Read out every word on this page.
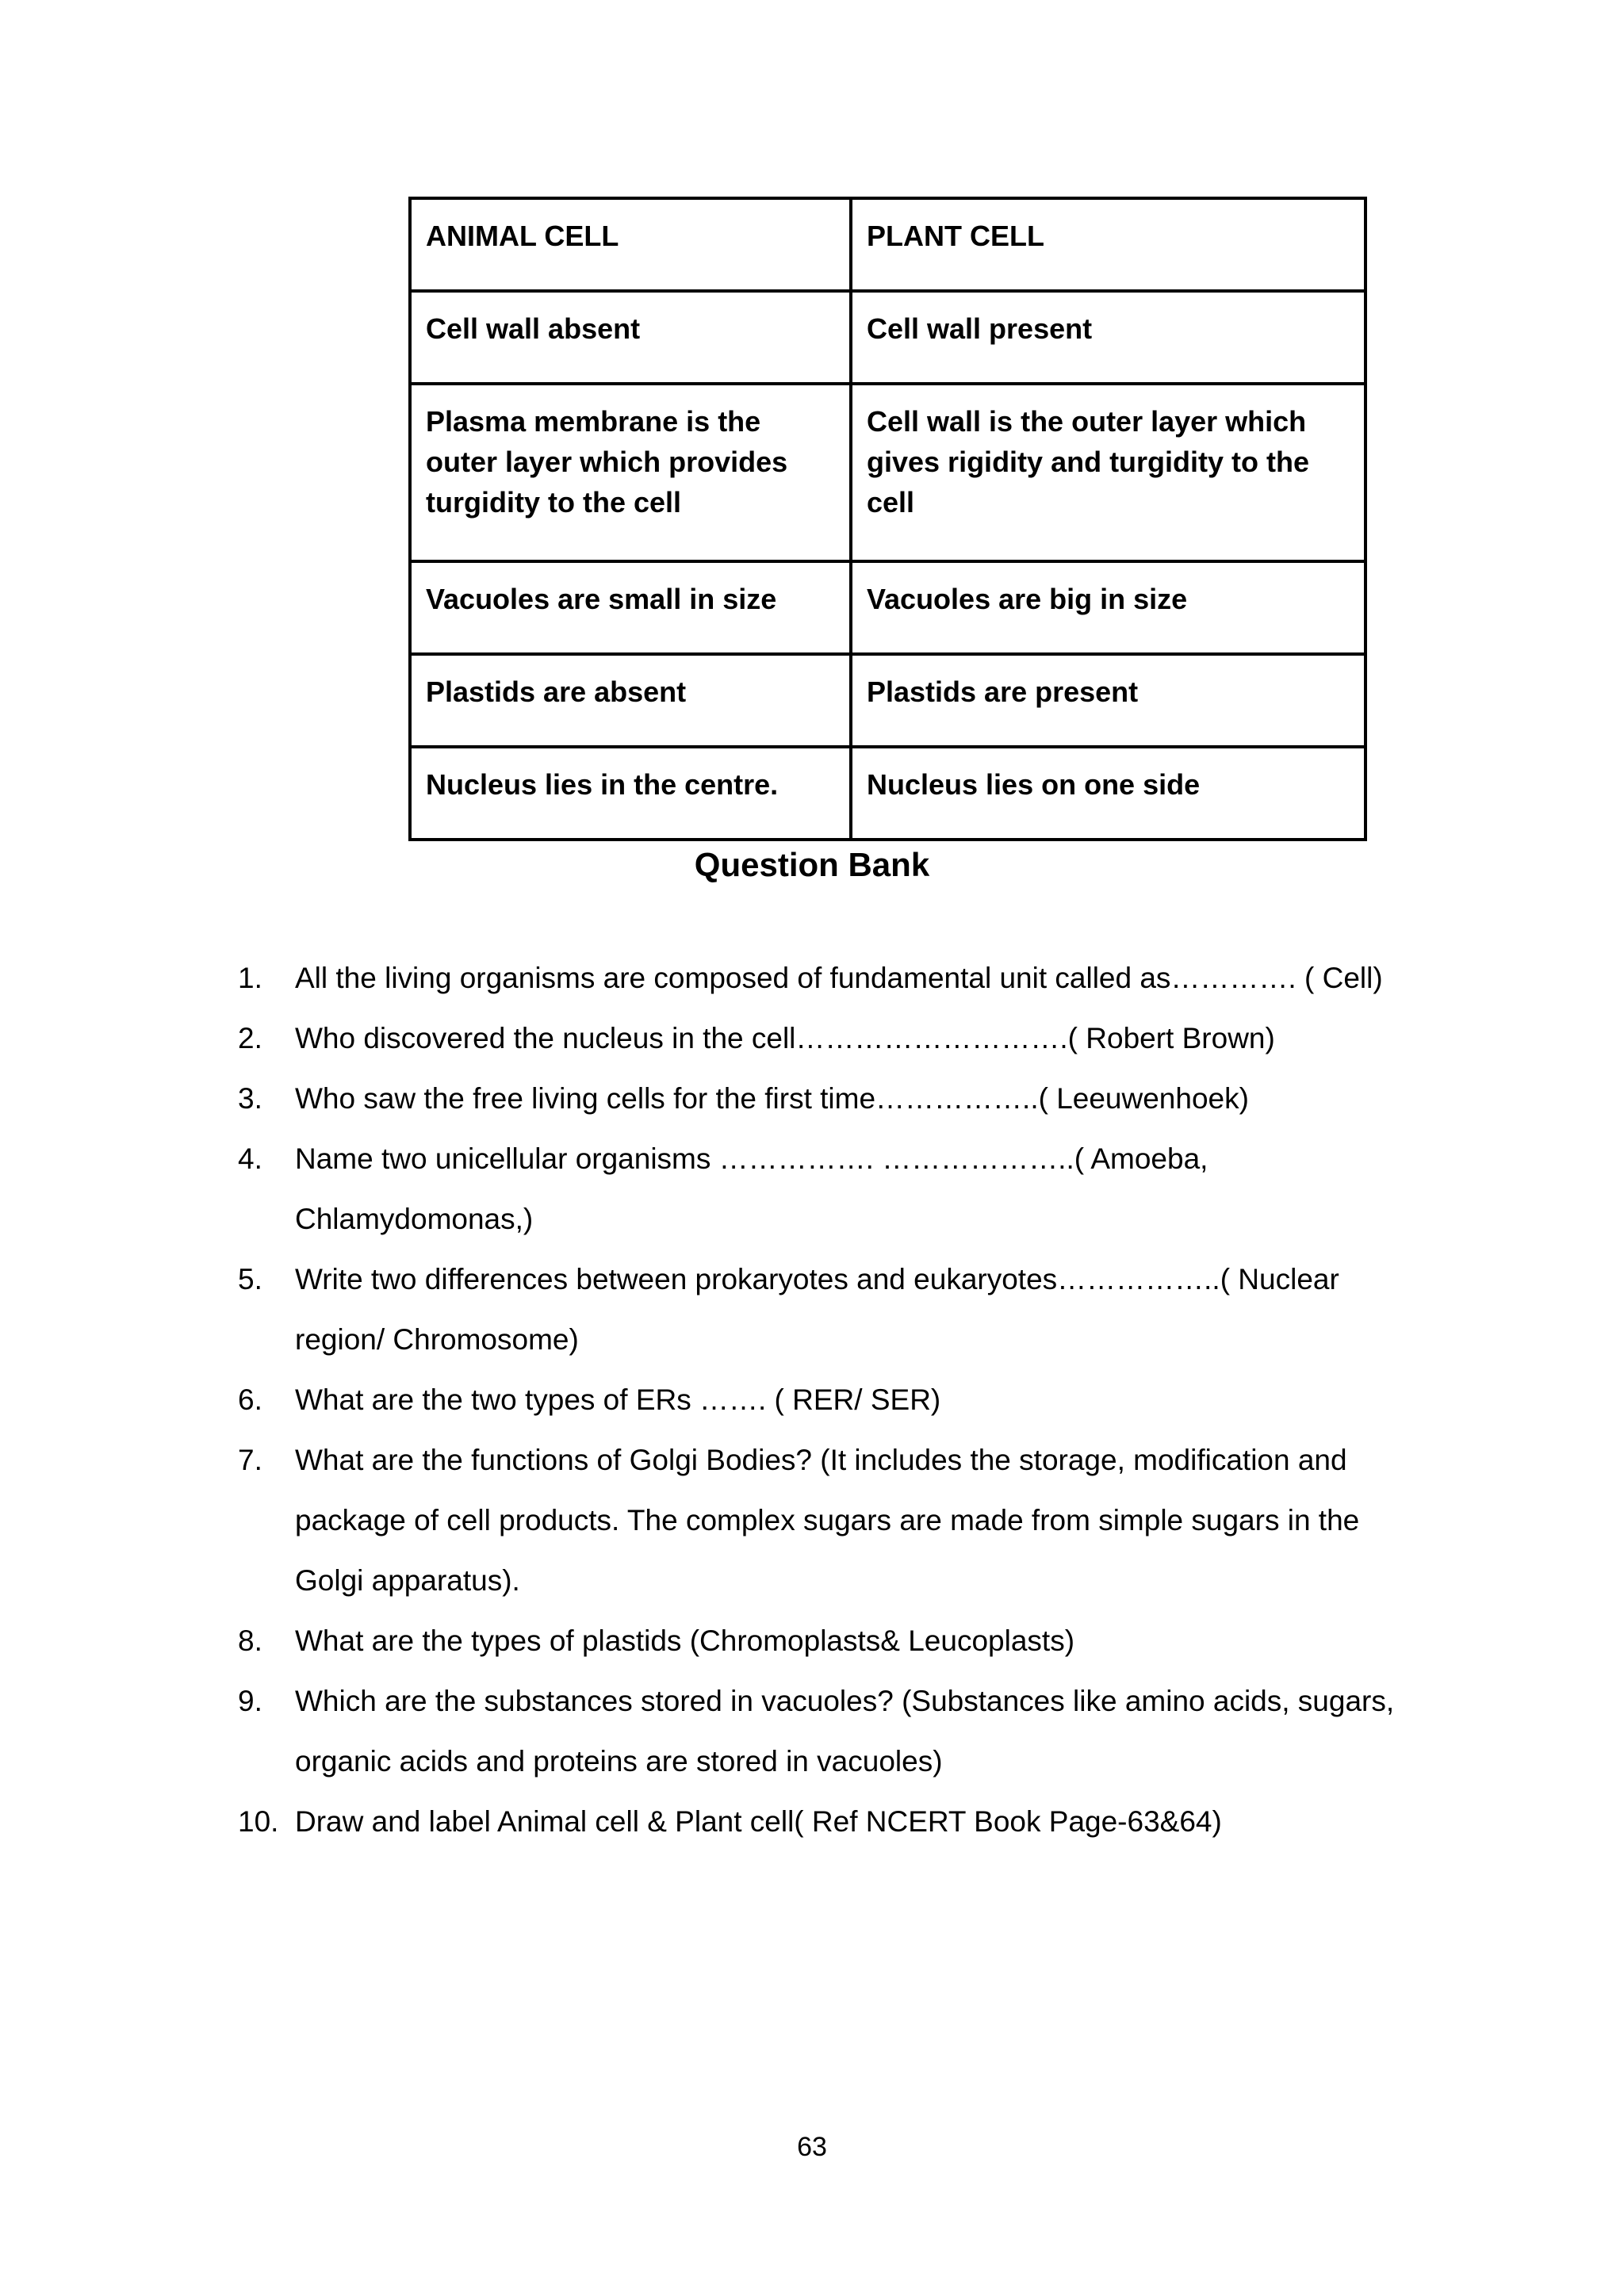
ANIMAL CELL	PLANT CELL
Cell wall absent	Cell wall present
Plasma membrane is the outer layer which provides turgidity to the cell	Cell wall is the outer layer which gives rigidity and turgidity to the cell
Vacuoles are small in size	Vacuoles are big in size
Plastids are absent	Plastids are present
Nucleus lies in the centre.	Nucleus lies on one side
Question Bank
1.	All the living organisms are composed of fundamental unit called as…………. ( Cell)
2.	Who discovered the nucleus in the cell……………………….( Robert Brown)
3.	Who saw the free living cells for the first time……………..( Leeuwenhoek)
4.	Name two unicellular organisms ……………. ………………..( Amoeba, Chlamydomonas,)
5.	Write two differences between prokaryotes and eukaryotes……………..( Nuclear region/ Chromosome)
6.	What are the two types of ERs ……. ( RER/ SER)
7.	What are the functions of Golgi Bodies? (It includes the storage, modification and package of cell products. The complex sugars are made from simple sugars in the Golgi apparatus).
8.	What are the types of plastids (Chromoplasts& Leucoplasts)
9.	Which are the substances stored in vacuoles? (Substances like amino acids, sugars, organic acids and proteins are stored in vacuoles)
10. Draw and label Animal cell & Plant cell( Ref NCERT Book Page-63&64)
63
